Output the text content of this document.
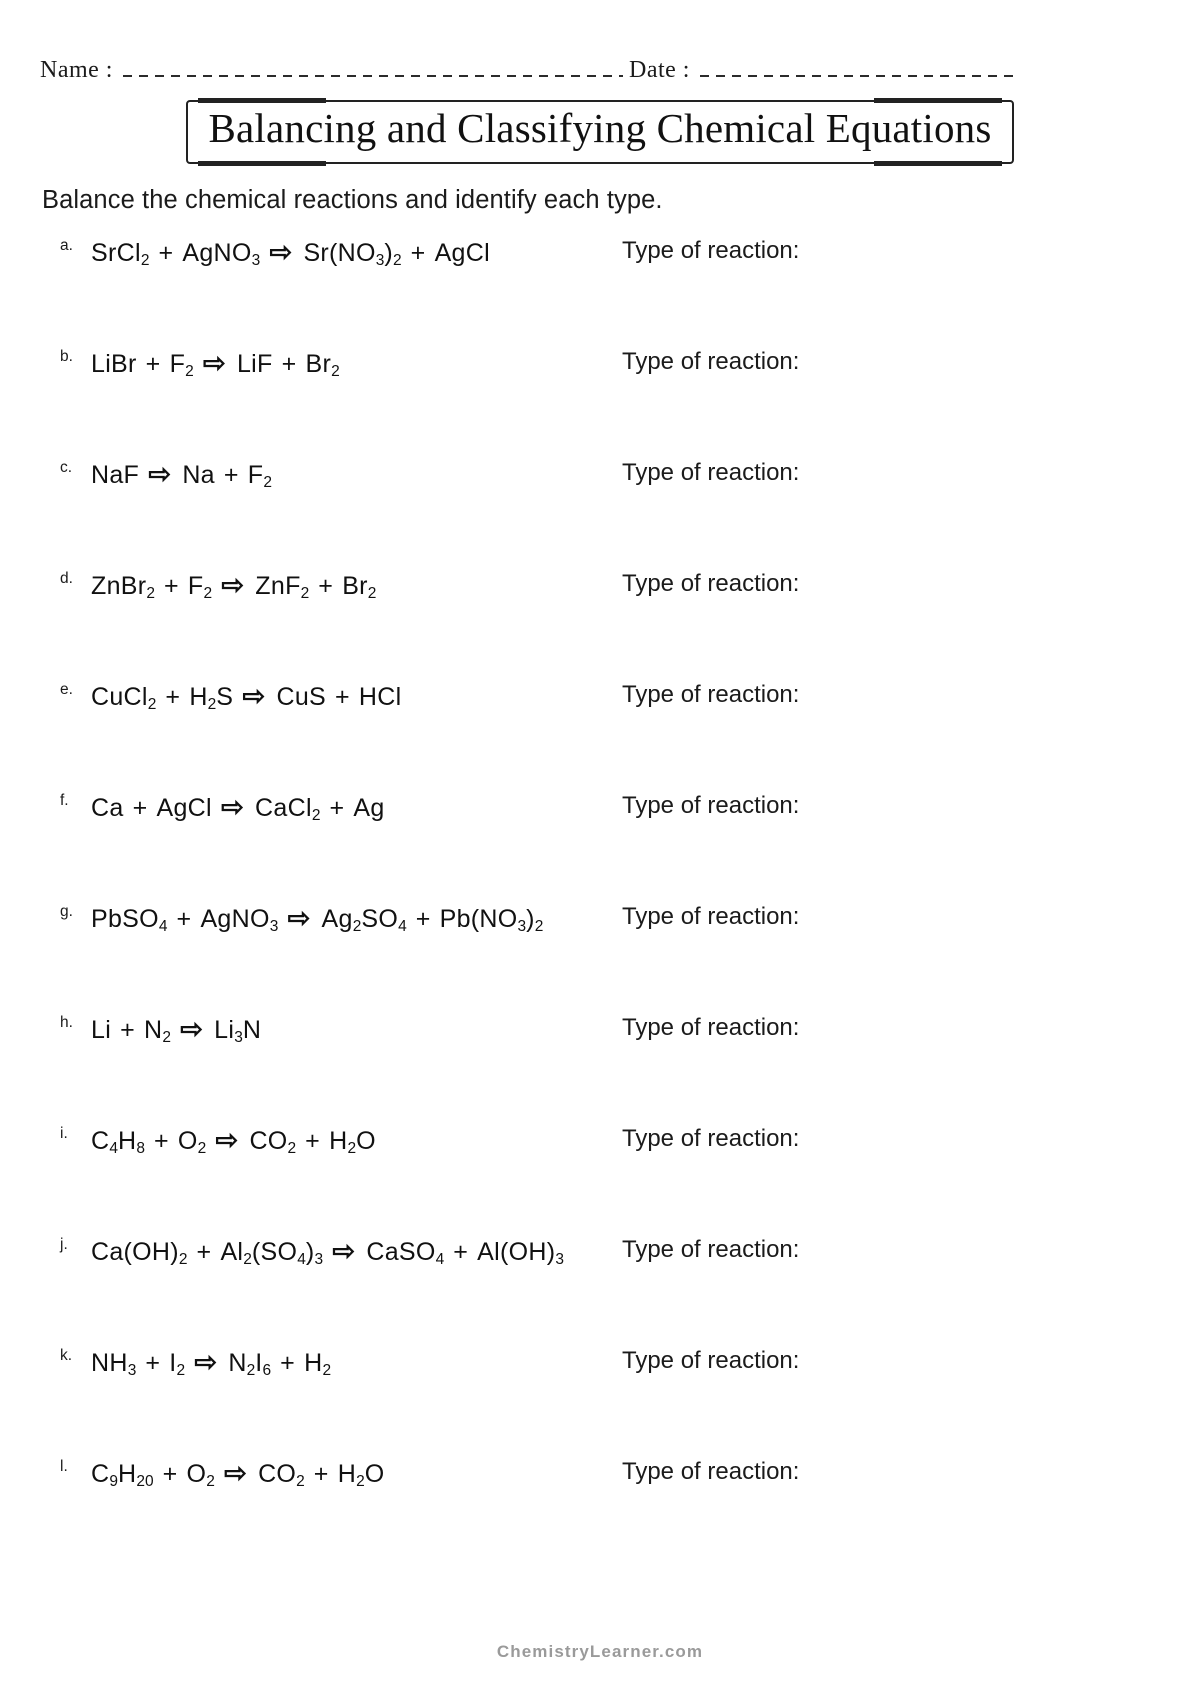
Name :	Date :
Balancing and Classifying Chemical Equations
Balance the chemical reactions and identify each type.
a. SrCl$_2$ + AgNO$_3$ ⇨ $Sr(NO_3)_2$ + AgCl	Type of reaction:
b. LiBr + $F_2$ ⇨ LiF + $Br_2$	Type of reaction:
c. NaF ⇨ $Na + F_2$	Type of reaction:
d. ZnBr$_2$ + $F_2$ ⇨ $ZnF_2 + Br_2$	Type of reaction:
e. CuCl$_2$ + $H_2S$ ⇨ CuS + HCl	Type of reaction:
f. Ca + AgCl ⇨ CaCl$_2$ + Ag	Type of reaction:
g. PbSO$_4$ + AgNO$_3$ ⇨ $Ag_2SO_4 + Pb(NO_3)_2$	Type of reaction:
h. $Li + N_2$ ⇨ $Li_3N$	Type of reaction:
i. $C_4H_8 + O_2$ ⇨ $CO_2 + H_2O$	Type of reaction:
j. $Ca(OH)_2 + Al_2(SO_4)_3$ ⇨ CaSO$_4$ + $Al(OH)_3$ Type of reaction:
k. $NH_3 + I_2$ ⇨ $N_2I_6 + H_2$	Type of reaction:
l. $C_9H_{20} + O_2$ ⇨ $CO_2 + H_2O$	Type of reaction:
ChemistryLearner.com
